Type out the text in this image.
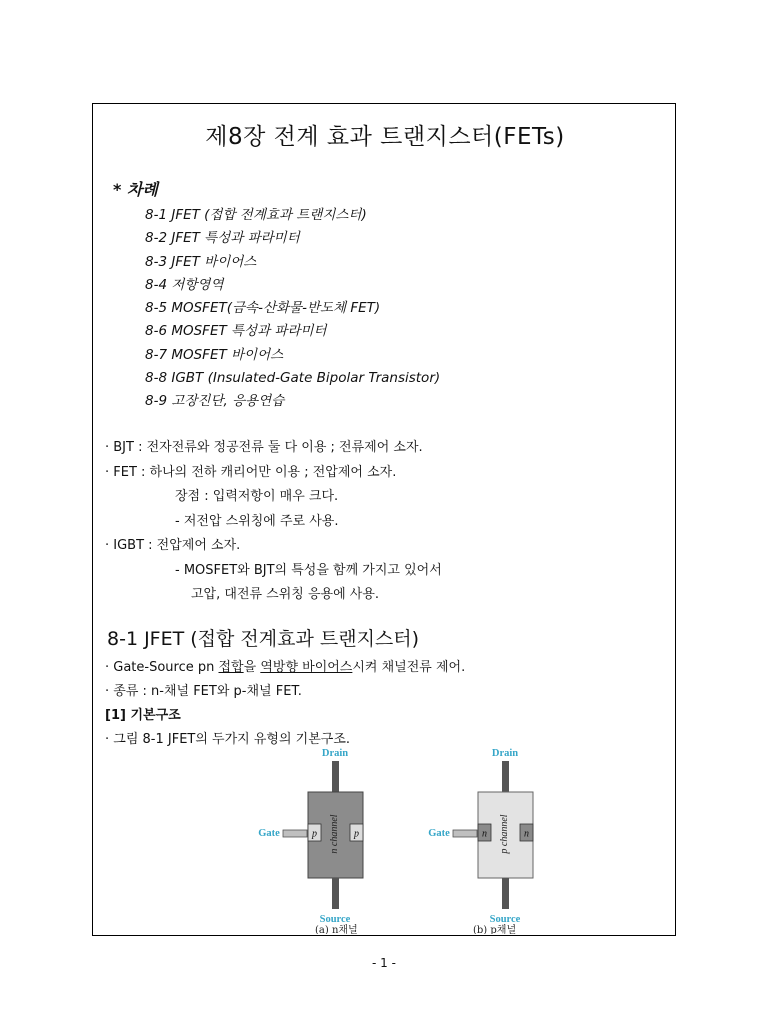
제8장 전계 효과 트랜지스터(FETs)
* 차례
8-1 JFET (접합 전계효과 트랜지스터)
8-2 JFET 특성과 파라미터
8-3 JFET 바이어스
8-4 저항영역
8-5 MOSFET(금속-산화물-반도체 FET)
8-6 MOSFET 특성과 파라미터
8-7 MOSFET 바이어스
8-8 IGBT (Insulated-Gate Bipolar Transistor)
8-9 고장진단, 응용연습
· BJT : 전자전류와 정공전류 둘 다 이용 ; 전류제어 소자.
· FET : 하나의 전하 캐리어만 이용 ; 전압제어 소자.
장점 : 입력저항이 매우 크다.
- 저전압 스위칭에 주로 사용.
· IGBT : 전압제어 소자.
- MOSFET와 BJT의 특성을 함께 가지고 있어서
고압, 대전류 스위칭 응용에 사용.
8-1 JFET (접합 전계효과 트랜지스터)
· Gate-Source pn 접합을 역방향 바이어스시켜 채널전류 제어.
· 종류 : n-채널 FET와 p-채널 FET.
[1] 기본구조
· 그림 8-1 JFET의 두가지 유형의 기본구조.
Drain
p	p
n channel
Gate
Source
(a) n채널
Drain
n	n
p channel
Gate
Source
(b) p채널
- 1 -
